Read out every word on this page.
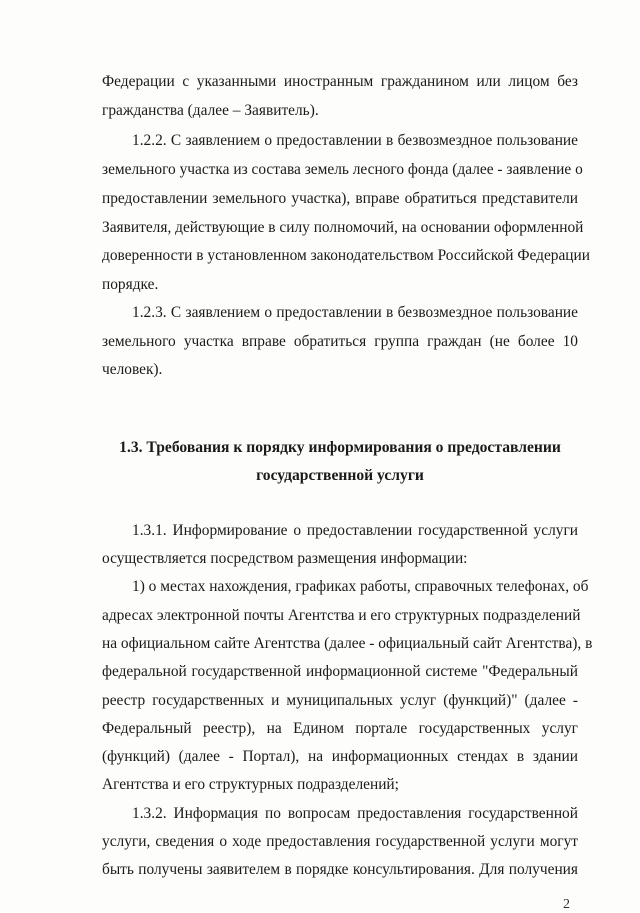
Федерации с указанными иностранным гражданином или лицом без
гражданства (далее – Заявитель).
1.2.2. С заявлением о предоставлении в безвозмездное пользование
земельного участка из состава земель лесного фонда (далее - заявление о
предоставлении земельного участка), вправе обратиться представители
Заявителя, действующие в силу полномочий, на основании оформленной
доверенности в установленном законодательством Российской Федерации
порядке.
1.2.3. С заявлением о предоставлении в безвозмездное пользование
земельного участка вправе обратиться группа граждан (не более 10
человек).
1.3. Требования к порядку информирования о предоставлении
государственной услуги
1.3.1. Информирование о предоставлении государственной услуги
осуществляется посредством размещения информации:
1) о местах нахождения, графиках работы, справочных телефонах, об
адресах электронной почты Агентства и его структурных подразделений
на официальном сайте Агентства (далее - официальный сайт Агентства), в
федеральной государственной информационной системе "Федеральный
реестр государственных и муниципальных услуг (функций)" (далее -
Федеральный реестр), на Едином портале государственных услуг
(функций) (далее - Портал), на информационных стендах в здании
Агентства и его структурных подразделений;
1.3.2. Информация по вопросам предоставления государственной
услуги, сведения о ходе предоставления государственной услуги могут
быть получены заявителем в порядке консультирования. Для получения
2
